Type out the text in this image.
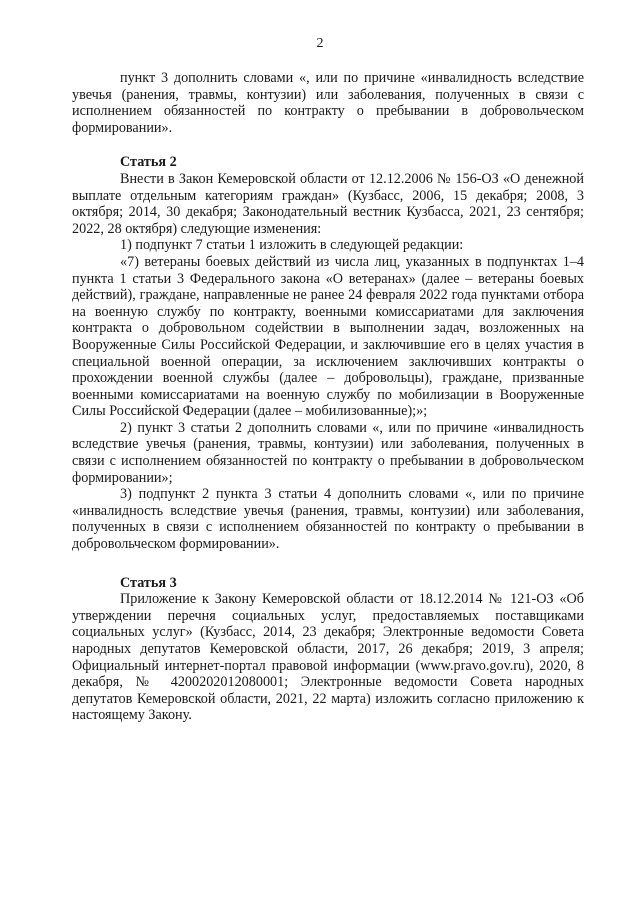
2

пункт 3 дополнить словами «, или по причине «инвалидность вследствие увечья (ранения, травмы, контузии) или заболевания, полученных в связи с исполнением обязанностей по контракту о пребывании в добровольческом формировании».

Статья 2

Внести в Закон Кемеровской области от 12.12.2006 № 156-ОЗ «О денежной выплате отдельным категориям граждан» (Кузбасс, 2006, 15 декабря; 2008, 3 октября; 2014, 30 декабря; Законодательный вестник Кузбасса, 2021, 23 сентября; 2022, 28 октября) следующие изменения:

1) подпункт 7 статьи 1 изложить в следующей редакции:

«7) ветераны боевых действий из числа лиц, указанных в подпунктах 1–4 пункта 1 статьи 3 Федерального закона «О ветеранах» (далее – ветераны боевых действий), граждане, направленные не ранее 24 февраля 2022 года пунктами отбора на военную службу по контракту, военными комиссариатами для заключения контракта о добровольном содействии в выполнении задач, возложенных на Вооруженные Силы Российской Федерации, и заключившие его в целях участия в специальной военной операции, за исключением заключивших контракты о прохождении военной службы (далее – добровольцы), граждане, призванные военными комиссариатами на военную службу по мобилизации в Вооруженные Силы Российской Федерации (далее – мобилизованные);»;

2) пункт 3 статьи 2 дополнить словами «, или по причине «инвалидность вследствие увечья (ранения, травмы, контузии) или заболевания, полученных в связи с исполнением обязанностей по контракту о пребывании в добровольческом формировании»;

3) подпункт 2 пункта 3 статьи 4 дополнить словами «, или по причине «инвалидность вследствие увечья (ранения, травмы, контузии) или заболевания, полученных в связи с исполнением обязанностей по контракту о пребывании в добровольческом формировании».

Статья 3

Приложение к Закону Кемеровской области от 18.12.2014 № 121-ОЗ «Об утверждении перечня социальных услуг, предоставляемых поставщиками социальных услуг» (Кузбасс, 2014, 23 декабря; Электронные ведомости Совета народных депутатов Кемеровской области, 2017, 26 декабря; 2019, 3 апреля; Официальный интернет-портал правовой информации (www.pravo.gov.ru), 2020, 8 декабря, № 4200202012080001; Электронные ведомости Совета народных депутатов Кемеровской области, 2021, 22 марта) изложить согласно приложению к настоящему Закону.
